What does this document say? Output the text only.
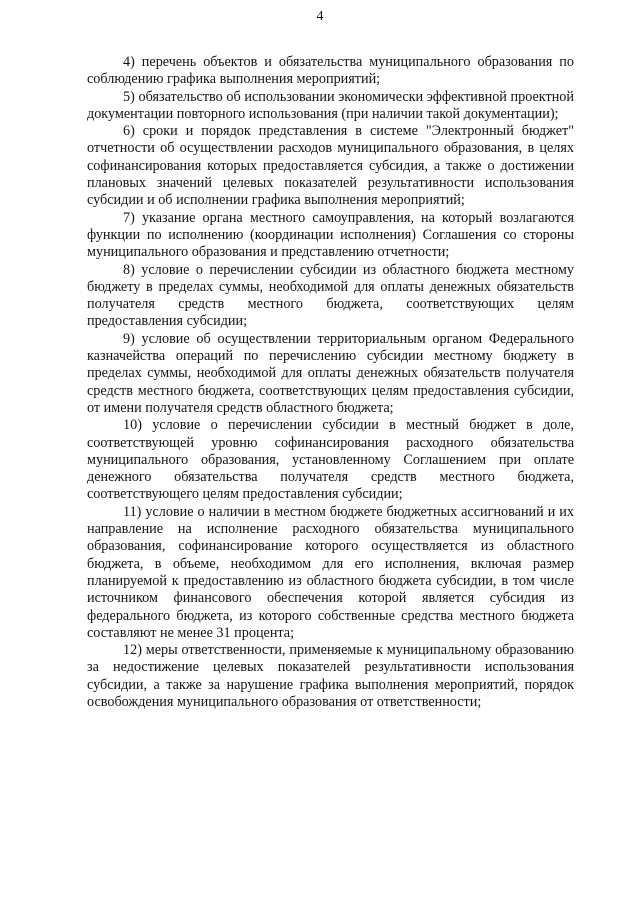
4

4) перечень объектов и обязательства муниципального образования по соблюдению графика выполнения мероприятий;

5) обязательство об использовании экономически эффективной проектной документации повторного использования (при наличии такой документации);

6) сроки и порядок представления в системе "Электронный бюджет" отчетности об осуществлении расходов муниципального образования, в целях софинансирования которых предоставляется субсидия, а также о достижении плановых значений целевых показателей результативности использования субсидии и об исполнении графика выполнения мероприятий;

7) указание органа местного самоуправления, на который возлагаются функции по исполнению (координации исполнения) Соглашения со стороны муниципального образования и представлению отчетности;

8) условие о перечислении субсидии из областного бюджета местному бюджету в пределах суммы, необходимой для оплаты денежных обязательств получателя средств местного бюджета, соответствующих целям предоставления субсидии;

9) условие об осуществлении территориальным органом Федерального казначейства операций по перечислению субсидии местному бюджету в пределах суммы, необходимой для оплаты денежных обязательств получателя средств местного бюджета, соответствующих целям предоставления субсидии, от имени получателя средств областного бюджета;

10) условие о перечислении субсидии в местный бюджет в доле, соответствующей уровню софинансирования расходного обязательства муниципального образования, установленному Соглашением при оплате денежного обязательства получателя средств местного бюджета, соответствующего целям предоставления субсидии;

11) условие о наличии в местном бюджете бюджетных ассигнований и их направление на исполнение расходного обязательства муниципального образования, софинансирование которого осуществляется из областного бюджета, в объеме, необходимом для его исполнения, включая размер планируемой к предоставлению из областного бюджета субсидии, в том числе источником финансового обеспечения которой является субсидия из федерального бюджета, из которого собственные средства местного бюджета составляют не менее 31 процента;

12) меры ответственности, применяемые к муниципальному образованию за недостижение целевых показателей результативности использования субсидии, а также за нарушение графика выполнения мероприятий, порядок освобождения муниципального образования от ответственности;
